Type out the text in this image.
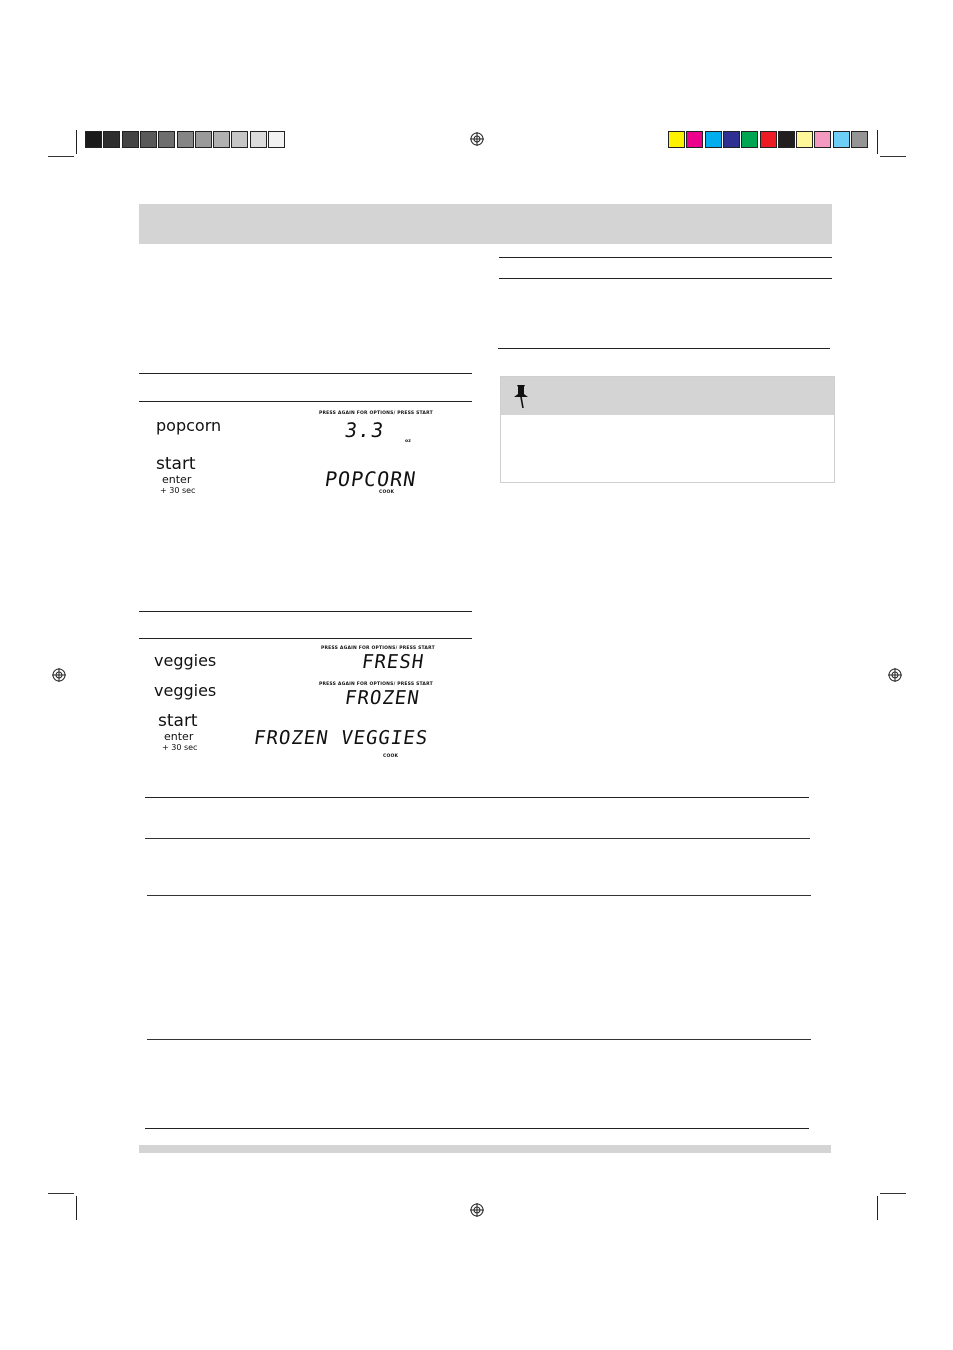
popcorn
PRESS AGAIN FOR OPTIONS/ PRESS START
3.3	oz
start
enter
+ 30 sec	POPCORN
COOK
veggies
PRESS AGAIN FOR OPTIONS/ PRESS START
FRESH
veggies	PRESS AGAIN FOR OPTIONS/ PRESS START
FROZEN
start
enter
+ 30 sec	FROZEN VEGGIES
COOK
